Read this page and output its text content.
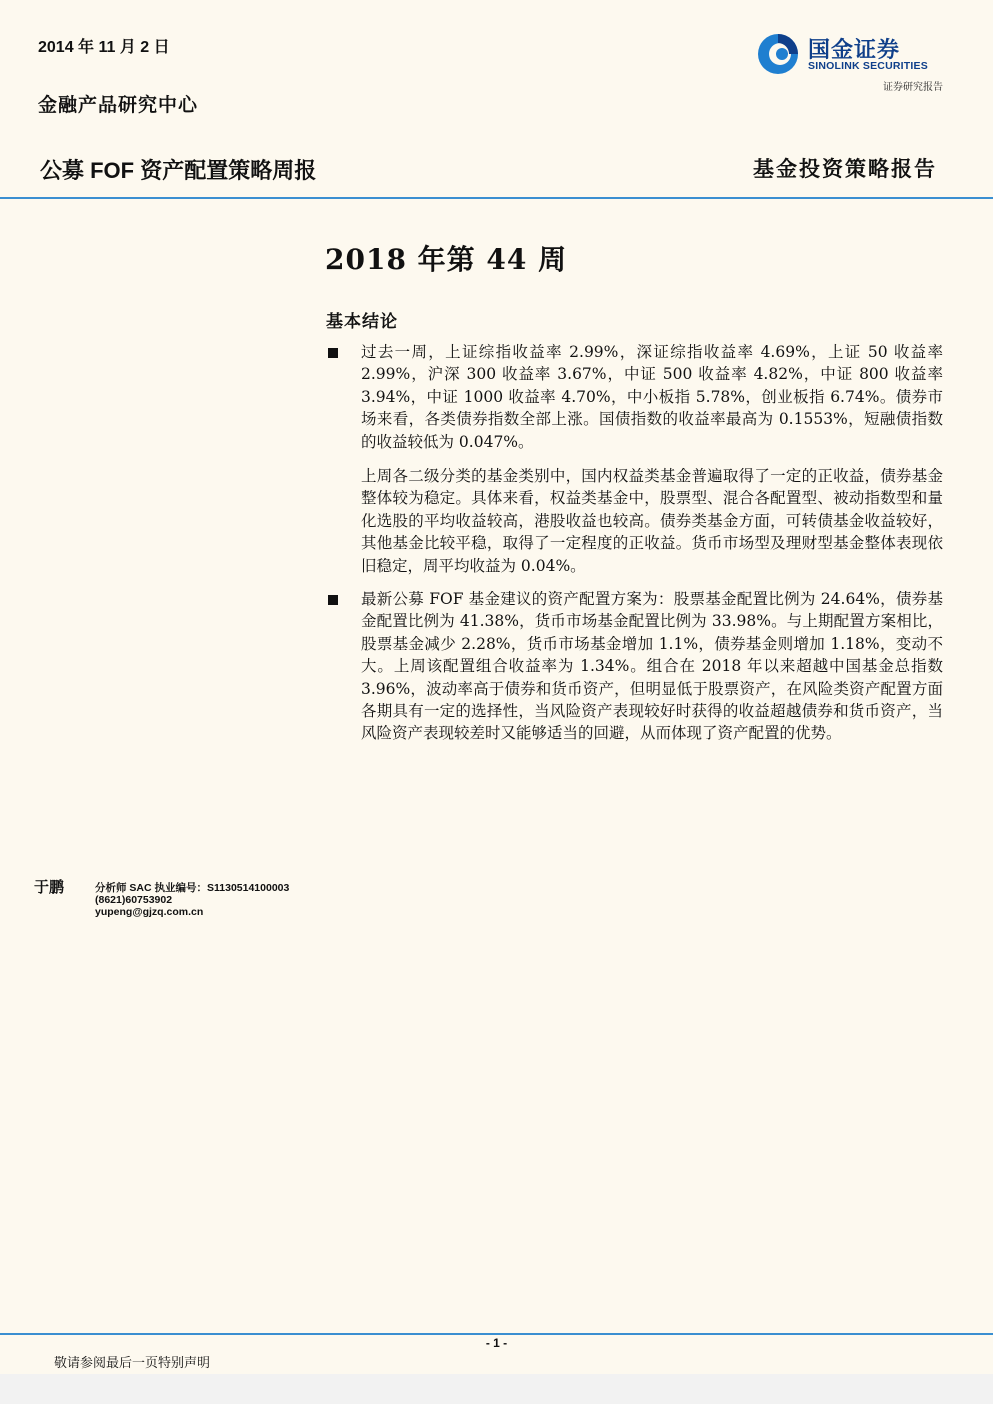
2014 年 11 月 2 日
金融产品研究中心
国金证券
SINOLINK SECURITIES
证券研究报告
公募 FOF 资产配置策略周报	基金投资策略报告
2018 年第 44 周
基本结论
过去一周，上证综指收益率 2.99%，深证综指收益率 4.69%，上证 50 收益率 2.99%，沪深 300 收益率 3.67%，中证 500 收益率 4.82%，中证 800 收益率 3.94%，中证 1000 收益率 4.70%，中小板指 5.78%，创业板指 6.74%。债券市场来看，各类债券指数全部上涨。国债指数的收益率最高为 0.1553%，短融债指数的收益较低为 0.047%。
上周各二级分类的基金类别中，国内权益类基金普遍取得了一定的正收益，债券基金整体较为稳定。具体来看，权益类基金中，股票型、混合各配置型、被动指数型和量化选股的平均收益较高，港股收益也较高。债券类基金方面，可转债基金收益较好，其他基金比较平稳，取得了一定程度的正收益。货币市场型及理财型基金整体表现依旧稳定，周平均收益为 0.04%。
最新公募 FOF 基金建议的资产配置方案为：股票基金配置比例为 24.64%，债券基金配置比例为 41.38%，货币市场基金配置比例为 33.98%。与上期配置方案相比，股票基金减少 2.28%，货币市场基金增加 1.1%，债券基金则增加 1.18%，变动不大。上周该配置组合收益率为 1.34%。组合在 2018 年以来超越中国基金总指数 3.96%，波动率高于债券和货币资产，但明显低于股票资产，在风险类资产配置方面各期具有一定的选择性，当风险资产表现较好时获得的收益超越债券和货币资产，当风险资产表现较差时又能够适当的回避，从而体现了资产配置的优势。
于鹏	分析师 SAC 执业编号：S1130514100003
(8621)60753902
yupeng@gjzq.com.cn
- 1 -
敬请参阅最后一页特别声明
